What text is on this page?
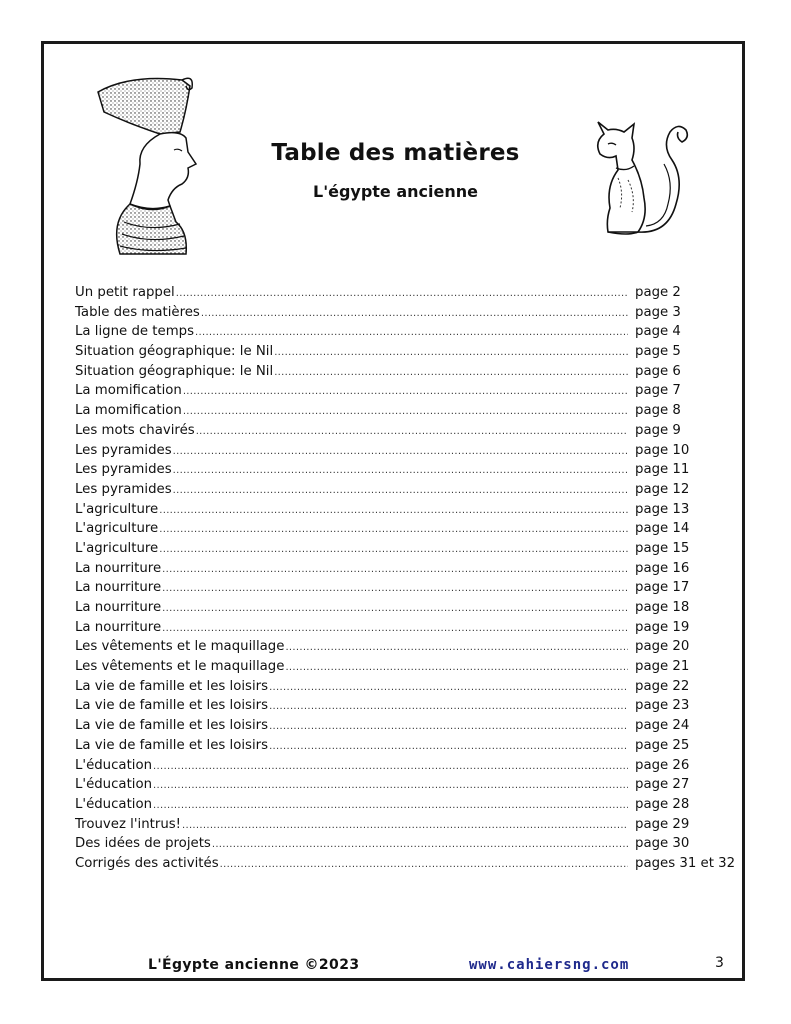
Table des matières
L'égypte ancienne
Un petit rappel .....	page 2
Table des matières .....	page 3
La ligne de temps .....	page 4
Situation géographique: le Nil .....	page 5
Situation géographique: le Nil .....	page 6
La momification .....	page 7
La momification .....	page 8
Les mots chavirés .....	page 9
Les pyramides .....	page 10
Les pyramides .....	page 11
Les pyramides .....	page 12
L'agriculture .....	page 13
L'agriculture .....	page 14
L'agriculture .....	page 15
La nourriture .....	page 16
La nourriture .....	page 17
La nourriture .....	page 18
La nourriture .....	page 19
Les vêtements et le maquillage .....	page 20
Les vêtements et le maquillage .....	page 21
La vie de famille et les loisirs .....	page 22
La vie de famille et les loisirs .....	page 23
La vie de famille et les loisirs .....	page 24
La vie de famille et les loisirs .....	page 25
L'éducation .....	page 26
L'éducation .....	page 27
L'éducation .....	page 28
Trouvez l'intrus! .....	page 29
Des idées de projets .....	page 30
Corrigés des activités .....	pages 31 et 32
L'Égypte ancienne ©2023	www.cahiersng.com	3
